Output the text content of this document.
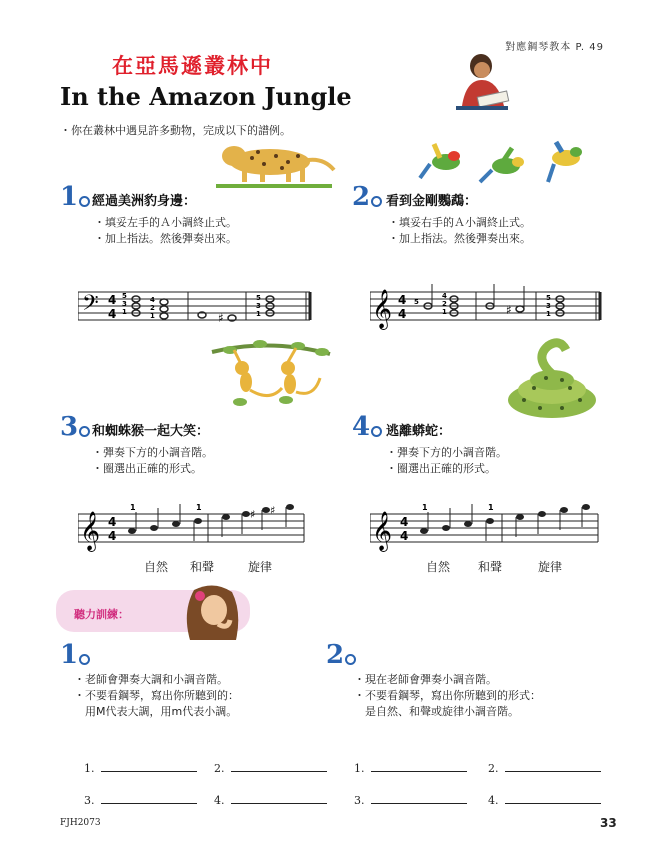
對應鋼琴教本 P. 49
在亞馬遜叢林中
In the Amazon Jungle
・你在叢林中遇見許多動物，完成以下的譜例。
1	經過美洲豹身邊：
・填妥左手的Ａ小調終止式。
・加上指法。然後彈奏出來。
2	看到金剛鸚鵡：
・填妥右手的Ａ小調終止式。
・加上指法。然後彈奏出來。
𝄢 4
4
5
3
1
4
2
1
5
3
1
♯	𝄞 4
4
5
4
2
1
5
3
1
♯
3	和蜘蛛猴一起大笑：
・彈奏下方的小調音階。
・圈選出正確的形式。
4	逃離蟒蛇：
・彈奏下方的小調音階。
・圈選出正確的形式。
𝄞 4
4
1	1
♯ ♯
自然 和聲	旋律
𝄞 4
4
1	1
自然 和聲	旋律
聽力訓練：
1
・老師會彈奏大調和小調音階。
・不要看鋼琴，寫出你所聽到的：
　用M代表大調，用m代表小調。
2
・現在老師會彈奏小調音階。
・不要看鋼琴，寫出你所聽到的形式：
　是自然、和聲或旋律小調音階。
1.	2.	1.	2.
3.	4.	3.	4.
FJH2073	33
